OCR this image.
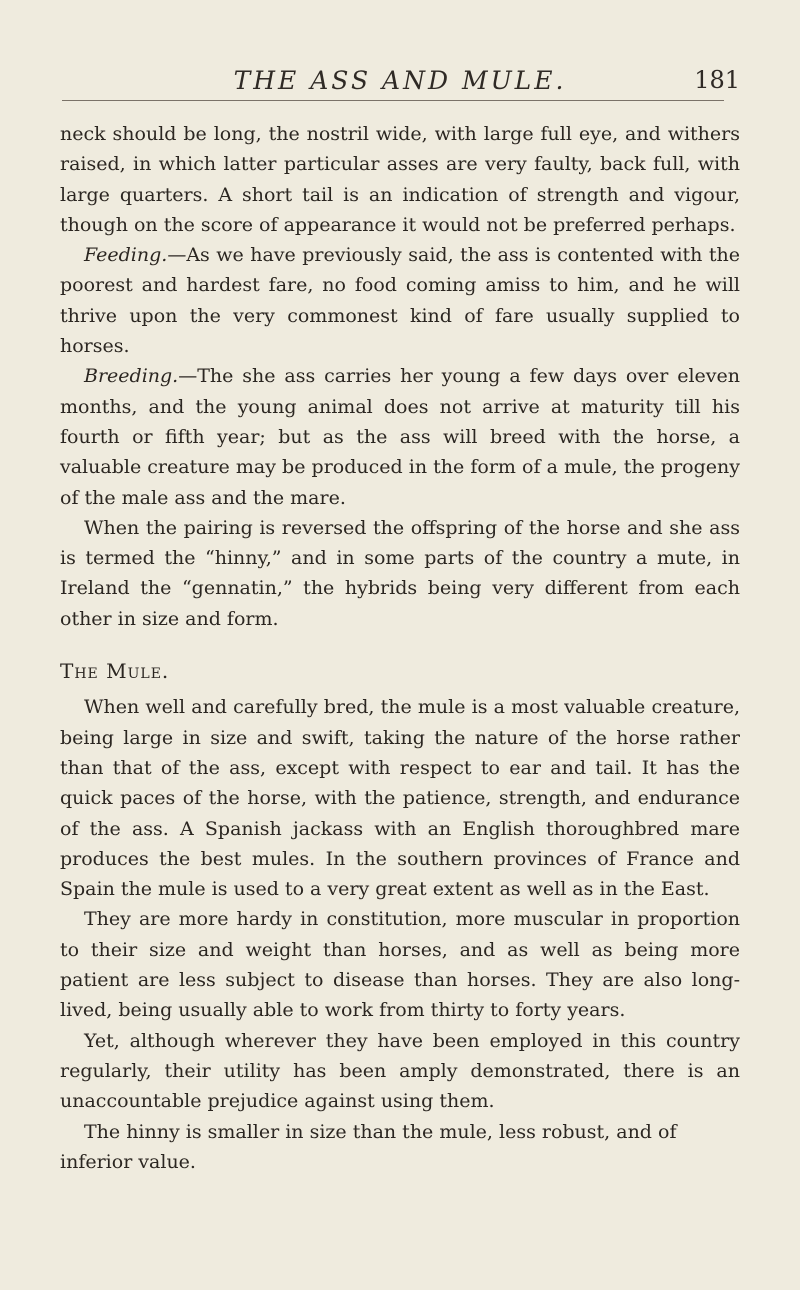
THE ASS AND MULE.	181

neck should be long, the nostril wide, with large full eye, and withers raised, in which latter particular asses are very faulty, back full, with large quarters. A short tail is an indication of strength and vigour, though on the score of appearance it would not be preferred perhaps.

Feeding.—As we have previously said, the ass is contented with the poorest and hardest fare, no food coming amiss to him, and he will thrive upon the very commonest kind of fare usually supplied to horses.

Breeding.—The she ass carries her young a few days over eleven months, and the young animal does not arrive at maturity till his fourth or fifth year; but as the ass will breed with the horse, a valuable creature may be produced in the form of a mule, the progeny of the male ass and the mare.

When the pairing is reversed the offspring of the horse and she ass is termed the “hinny,” and in some parts of the country a mute, in Ireland the “gennatin,” the hybrids being very different from each other in size and form.

The Mule.

When well and carefully bred, the mule is a most valuable creature, being large in size and swift, taking the nature of the horse rather than that of the ass, except with respect to ear and tail. It has the quick paces of the horse, with the patience, strength, and endurance of the ass. A Spanish jackass with an English thoroughbred mare produces the best mules. In the southern provinces of France and Spain the mule is used to a very great extent as well as in the East.

They are more hardy in constitution, more muscular in proportion to their size and weight than horses, and as well as being more patient are less subject to disease than horses. They are also long-lived, being usually able to work from thirty to forty years.

Yet, although wherever they have been employed in this country regularly, their utility has been amply demonstrated, there is an unaccountable prejudice against using them.

The hinny is smaller in size than the mule, less robust, and of inferior value.
